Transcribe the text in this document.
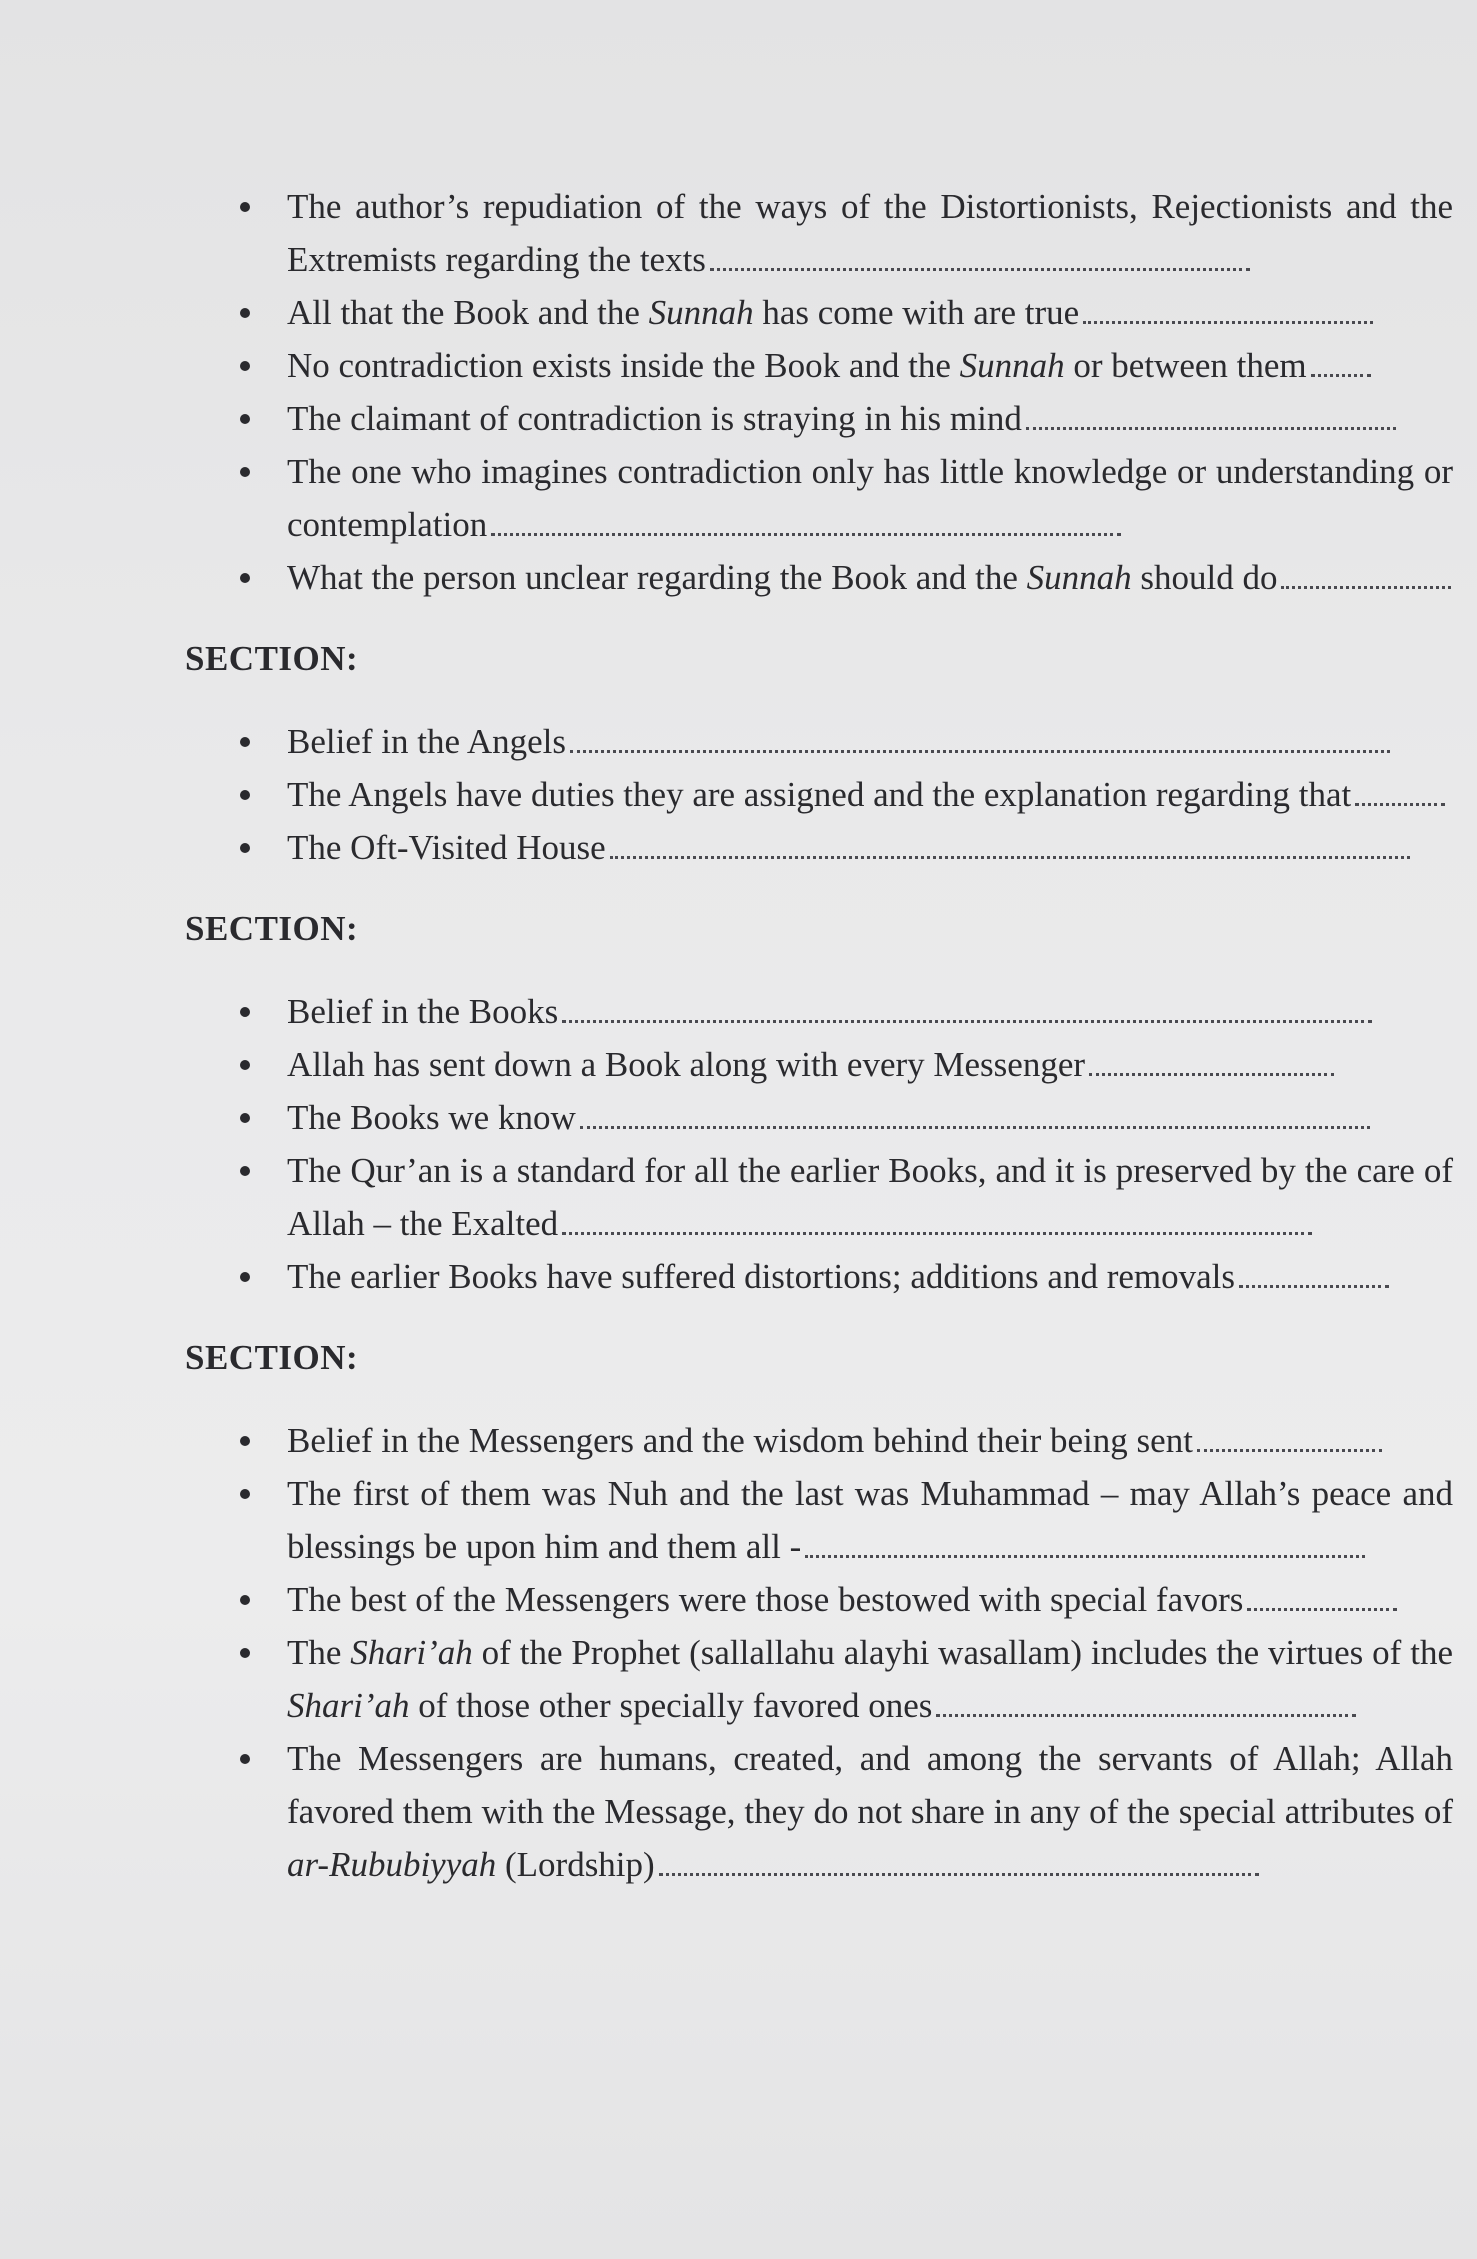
The author’s repudiation of the ways of the Distortionists, Rejectionists and the Extremists regarding the texts
All that the Book and the Sunnah has come with are true
No contradiction exists inside the Book and the Sunnah or between them
The claimant of contradiction is straying in his mind
The one who imagines contradiction only has little knowledge or understanding or contemplation
What the person unclear regarding the Book and the Sunnah should do
SECTION:
Belief in the Angels
The Angels have duties they are assigned and the explanation regarding that
The Oft-Visited House
SECTION:
Belief in the Books
Allah has sent down a Book along with every Messenger
The Books we know
The Qur’an is a standard for all the earlier Books, and it is preserved by the care of Allah – the Exalted
The earlier Books have suffered distortions; additions and removals
SECTION:
Belief in the Messengers and the wisdom behind their being sent
The first of them was Nuh and the last was Muhammad – may Allah’s peace and blessings be upon him and them all -
The best of the Messengers were those bestowed with special favors
The Shari’ah of the Prophet (sallallahu alayhi wasallam) includes the virtues of the Shari’ah of those other specially favored ones
The Messengers are humans, created, and among the servants of Allah; Allah favored them with the Message, they do not share in any of the special attributes of ar-Rububiyyah (Lordship)
